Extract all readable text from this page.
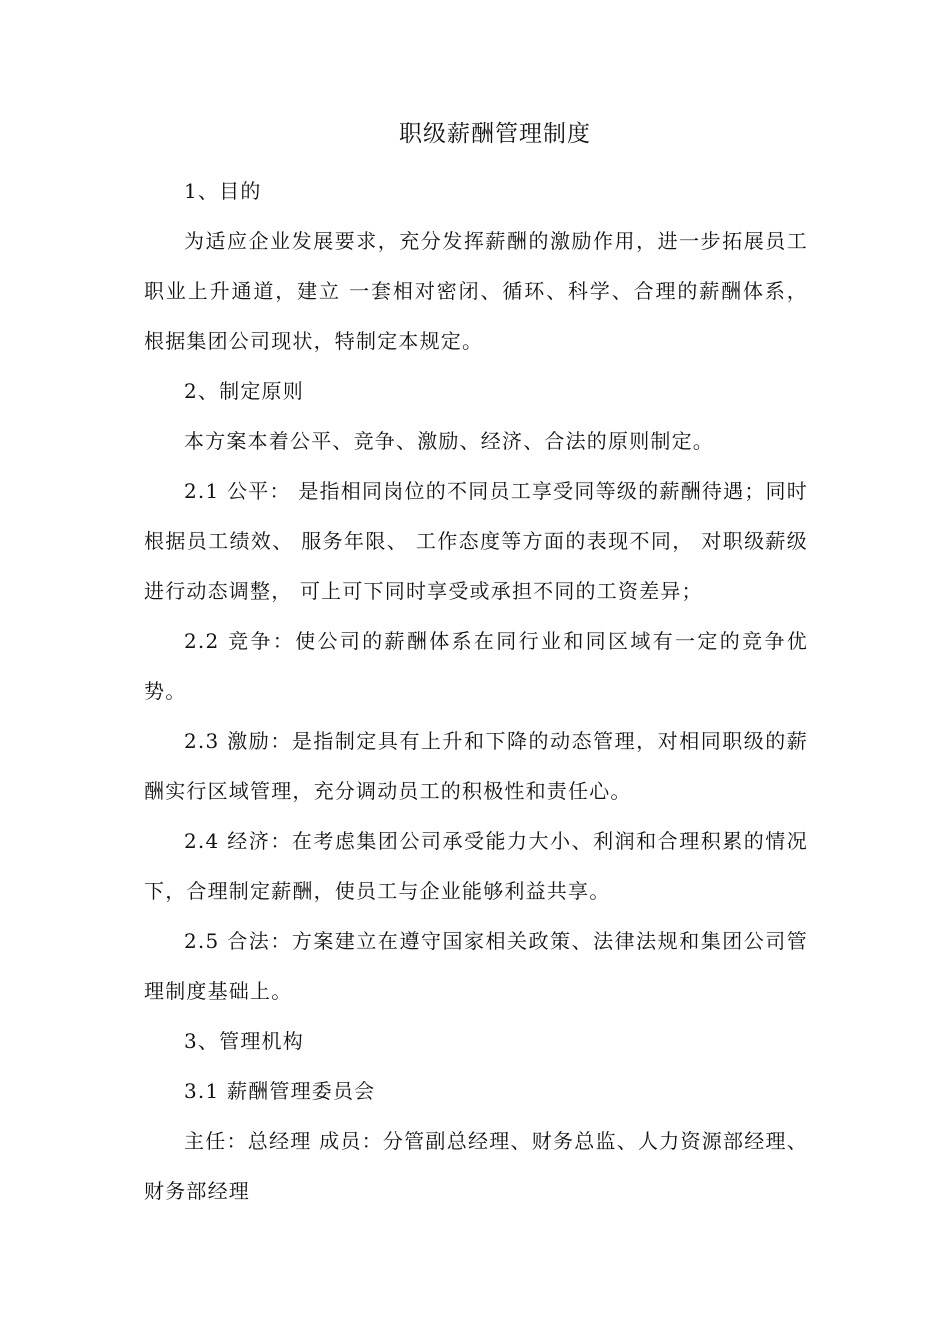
职级薪酬管理制度

1、目的

为适应企业发展要求，充分发挥薪酬的激励作用，进一步拓展员工职业上升通道，建立 一套相对密闭、循环、科学、合理的薪酬体系，根据集团公司现状，特制定本规定。

2、制定原则

本方案本着公平、竞争、激励、经济、合法的原则制定。

2.1 公平： 是指相同岗位的不同员工享受同等级的薪酬待遇；同时根据员工绩效、 服务年限、 工作态度等方面的表现不同， 对职级薪级进行动态调整， 可上可下同时享受或承担不同的工资差异；

2.2 竞争：使公司的薪酬体系在同行业和同区域有一定的竞争优势。

2.3 激励：是指制定具有上升和下降的动态管理，对相同职级的薪酬实行区域管理，充分调动员工的积极性和责任心。

2.4 经济：在考虑集团公司承受能力大小、利润和合理积累的情况下，合理制定薪酬，使员工与企业能够利益共享。

2.5 合法：方案建立在遵守国家相关政策、法律法规和集团公司管理制度基础上。

3、管理机构

3.1 薪酬管理委员会

主任：总经理 成员：分管副总经理、财务总监、人力资源部经理、财务部经理
